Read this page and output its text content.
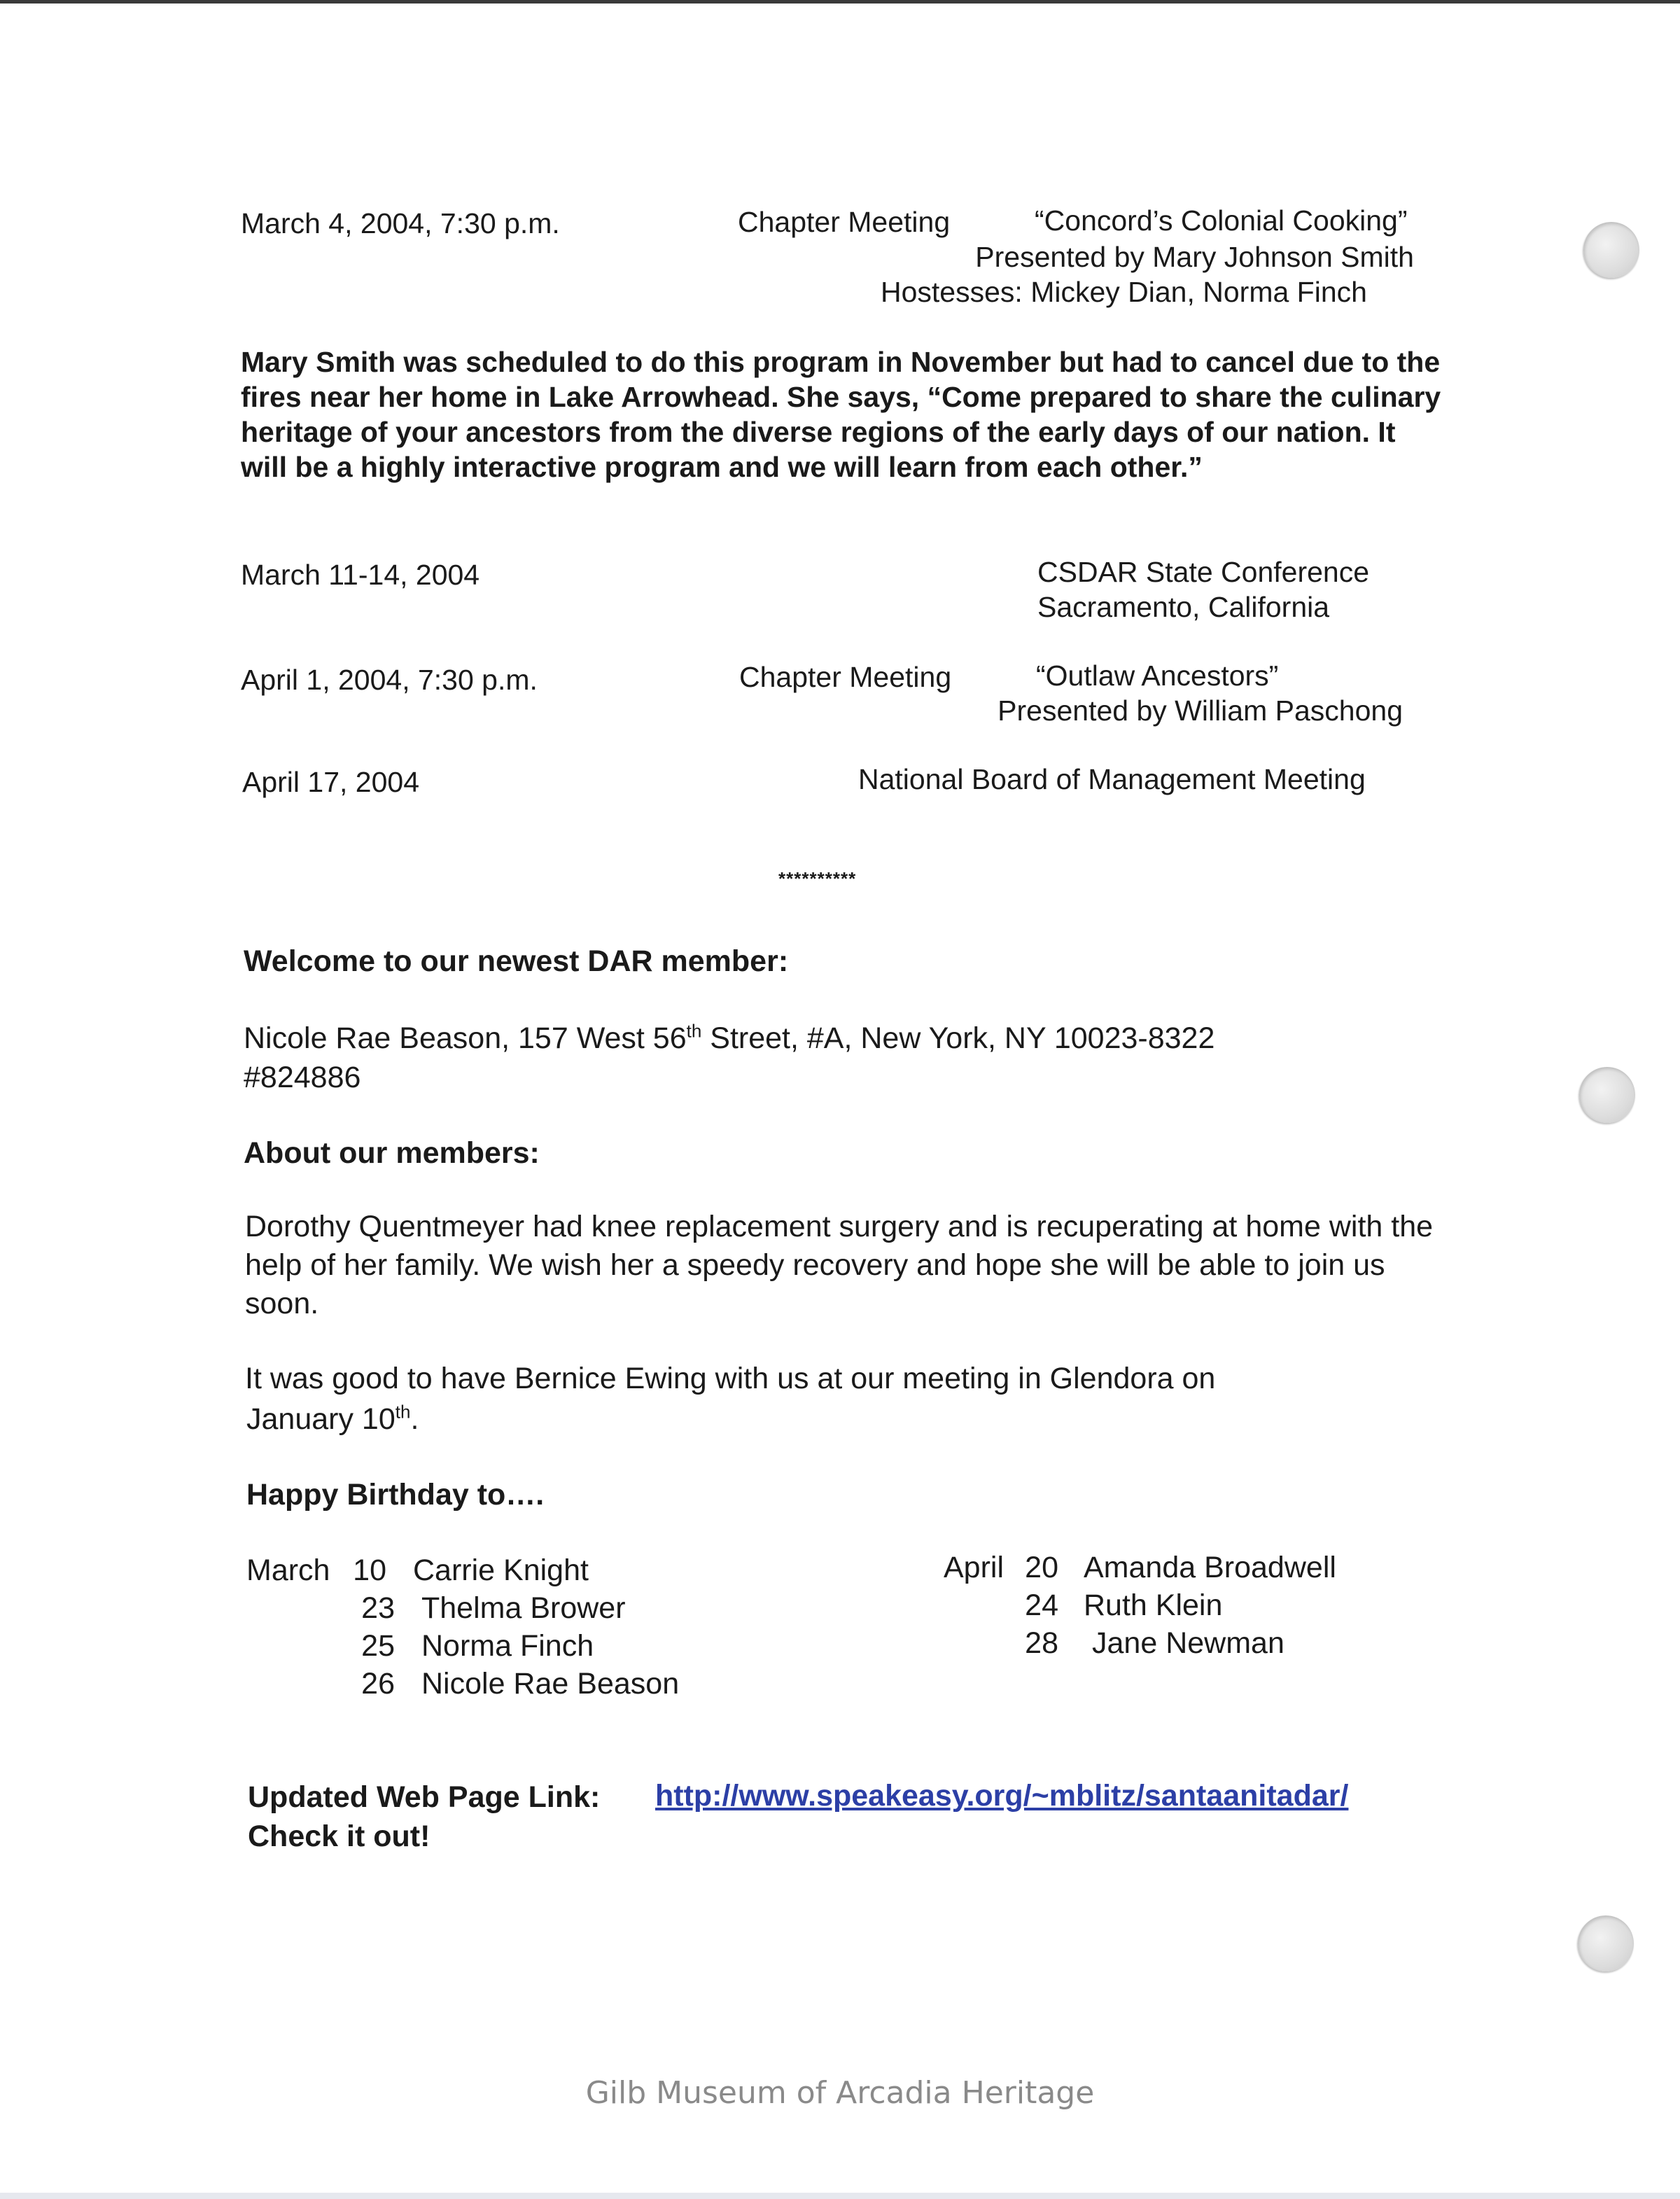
March 4, 2004, 7:30 p.m.	Chapter Meeting	“Concord’s Colonial Cooking”
Presented by Mary Johnson Smith
Hostesses: Mickey Dian, Norma Finch
Mary Smith was scheduled to do this program in November but had to cancel due to the fires near her home in Lake Arrowhead. She says, “Come prepared to share the culinary heritage of your ancestors from the diverse regions of the early days of our nation. It will be a highly interactive program and we will learn from each other.”
March 11-14, 2004	CSDAR State Conference
Sacramento, California
April 1, 2004, 7:30 p.m.	Chapter Meeting	“Outlaw Ancestors”
Presented by William Paschong
April 17, 2004	National Board of Management Meeting
**********
Welcome to our newest DAR member:
Nicole Rae Beason, 157 West 56th Street, #A, New York, NY 10023-8322
#824886
About our members:
Dorothy Quentmeyer had knee replacement surgery and is recuperating at home with the help of her family. We wish her a speedy recovery and hope she will be able to join us soon.
It was good to have Bernice Ewing with us at our meeting in Glendora on
January 10th.
Happy Birthday to….
March 10 Carrie Knight
23 Thelma Brower
25 Norma Finch
26 Nicole Rae Beason
April 20 Amanda Broadwell
24 Ruth Klein
28 Jane Newman
Updated Web Page Link: http://www.speakeasy.org/~mblitz/santaanitadar/
Check it out!
Gilb Museum of Arcadia Heritage
